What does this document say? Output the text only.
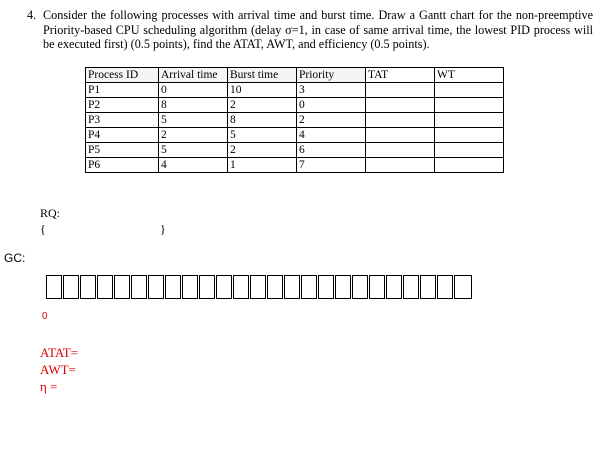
4. Consider the following processes with arrival time and burst time. Draw a Gantt chart for the non-preemptive Priority-based CPU scheduling algorithm (delay σ=1, in case of same arrival time, the lowest PID process will be executed first) (0.5 points), find the ATAT, AWT, and efficiency (0.5 points).
Process ID	Arrival time	Burst time	Priority	TAT	WT
P1	0	10	3		
P2	8	2	0		
P3	5	8	2		
P4	2	5	4		
P5	5	2	6		
P6	4	1	7		
RQ:
{	}
GC:
0
ATAT=
AWT=
η =
